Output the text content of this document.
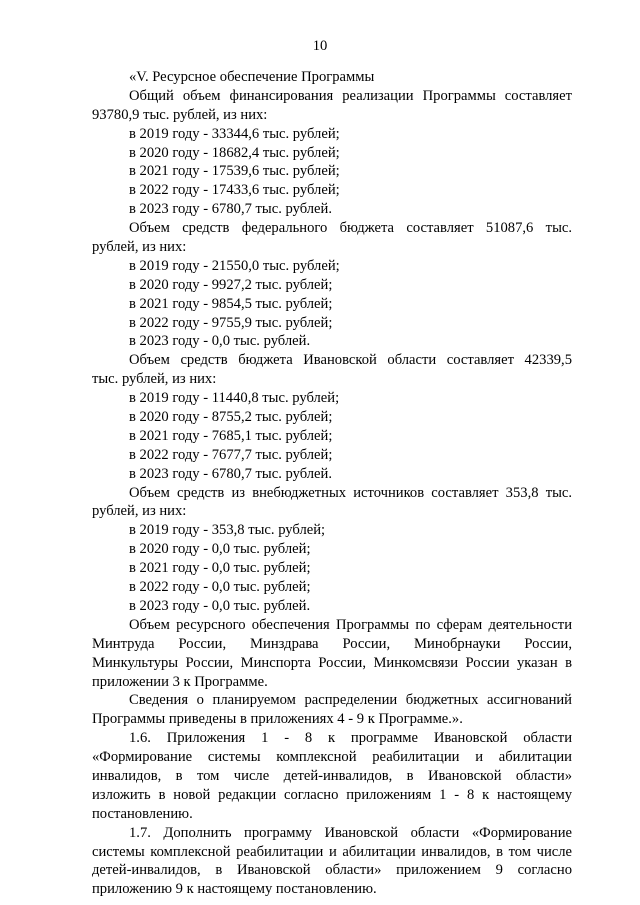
10
«V. Ресурсное обеспечение Программы
Общий объем финансирования реализации Программы составляет
93780,9 тыс. рублей, из них:
в 2019 году - 33344,6 тыс. рублей;
в 2020 году - 18682,4 тыс. рублей;
в 2021 году - 17539,6 тыс. рублей;
в 2022 году - 17433,6 тыс. рублей;
в 2023 году - 6780,7 тыс. рублей.
Объем средств федерального бюджета составляет 51087,6 тыс.
рублей, из них:
в 2019 году - 21550,0 тыс. рублей;
в 2020 году - 9927,2 тыс. рублей;
в 2021 году - 9854,5 тыс. рублей;
в 2022 году - 9755,9 тыс. рублей;
в 2023 году - 0,0 тыс. рублей.
Объем средств бюджета Ивановской области составляет 42339,5
тыс. рублей, из них:
в 2019 году - 11440,8 тыс. рублей;
в 2020 году - 8755,2 тыс. рублей;
в 2021 году - 7685,1 тыс. рублей;
в 2022 году - 7677,7 тыс. рублей;
в 2023 году - 6780,7 тыс. рублей.
Объем средств из внебюджетных источников составляет 353,8 тыс.
рублей, из них:
в 2019 году - 353,8 тыс. рублей;
в 2020 году - 0,0 тыс. рублей;
в 2021 году - 0,0 тыс. рублей;
в 2022 году - 0,0 тыс. рублей;
в 2023 году - 0,0 тыс. рублей.
Объем ресурсного обеспечения Программы по сферам деятельности
Минтруда России, Минздрава России, Минобрнауки России,
Минкультуры России, Минспорта России, Минкомсвязи России указан в
приложении 3 к Программе.
Сведения о планируемом распределении бюджетных ассигнований
Программы приведены в приложениях 4 - 9 к Программе.».
1.6. Приложения 1 - 8 к программе Ивановской области
«Формирование системы комплексной реабилитации и абилитации
инвалидов, в том числе детей-инвалидов, в Ивановской области»
изложить в новой редакции согласно приложениям 1 - 8 к настоящему
постановлению.
1.7. Дополнить программу Ивановской области «Формирование
системы комплексной реабилитации и абилитации инвалидов, в том числе
детей-инвалидов, в Ивановской области» приложением 9 согласно
приложению 9 к настоящему постановлению.
